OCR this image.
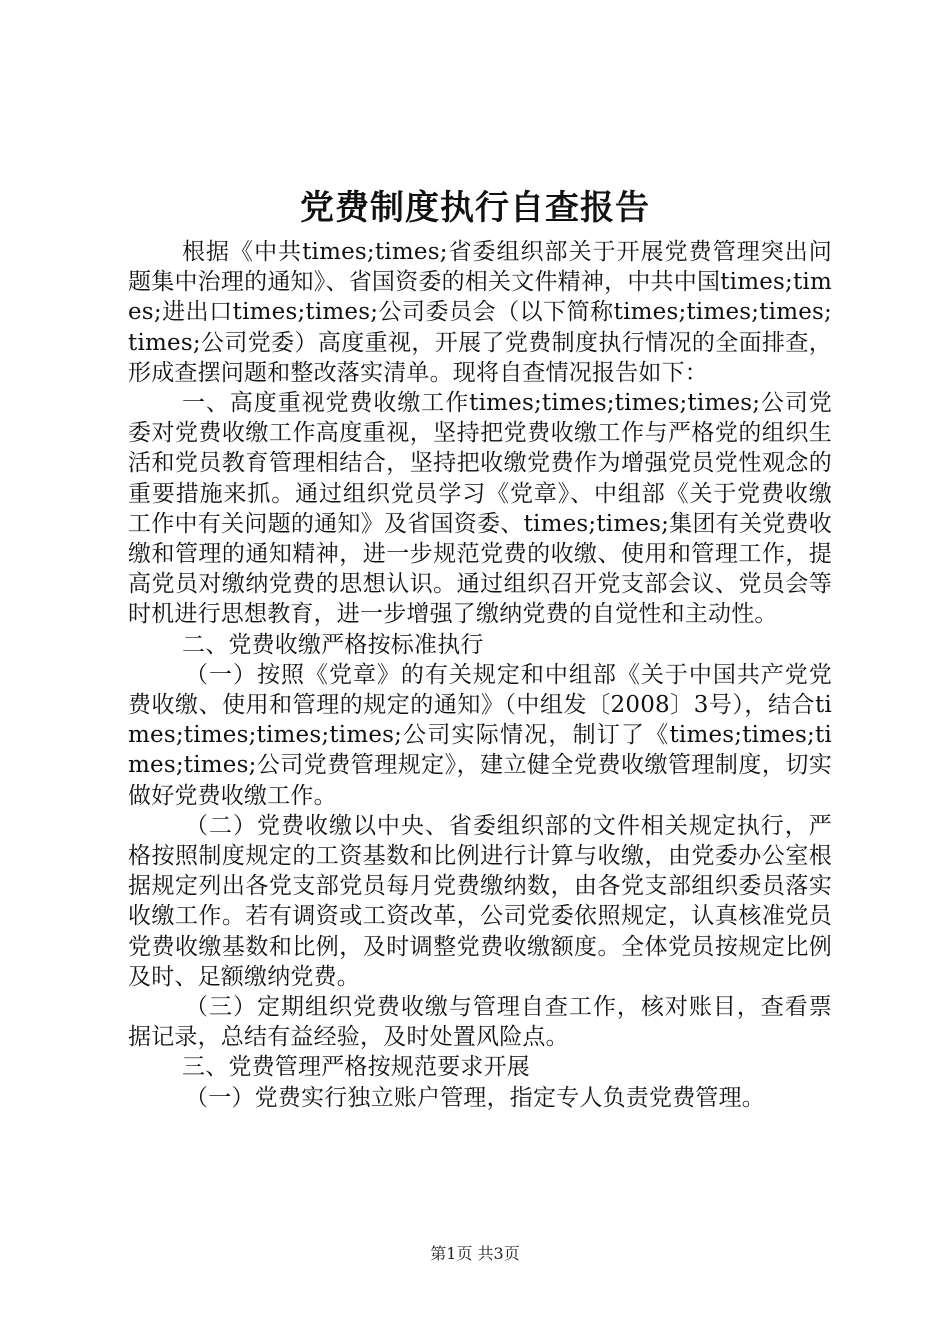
党费制度执行自查报告

根据《中共times;times;省委组织部关于开展党费管理突出问题集中治理的通知》、省国资委的相关文件精神，中共中国times;times;进出口times;times;公司委员会（以下简称times;times;times;times;公司党委）高度重视，开展了党费制度执行情况的全面排查，形成查摆问题和整改落实清单。现将自查情况报告如下：

一、高度重视党费收缴工作times;times;times;times;公司党委对党费收缴工作高度重视，坚持把党费收缴工作与严格党的组织生活和党员教育管理相结合，坚持把收缴党费作为增强党员党性观念的重要措施来抓。通过组织党员学习《党章》、中组部《关于党费收缴工作中有关问题的通知》及省国资委、times;times;集团有关党费收缴和管理的通知精神，进一步规范党费的收缴、使用和管理工作，提高党员对缴纳党费的思想认识。通过组织召开党支部会议、党员会等时机进行思想教育，进一步增强了缴纳党费的自觉性和主动性。

二、党费收缴严格按标准执行

（一）按照《党章》的有关规定和中组部《关于中国共产党党费收缴、使用和管理的规定的通知》（中组发〔2008〕3号），结合times;times;times;times;公司实际情况，制订了《times;times;times;times;公司党费管理规定》，建立健全党费收缴管理制度，切实做好党费收缴工作。

（二）党费收缴以中央、省委组织部的文件相关规定执行，严格按照制度规定的工资基数和比例进行计算与收缴，由党委办公室根据规定列出各党支部党员每月党费缴纳数，由各党支部组织委员落实收缴工作。若有调资或工资改革，公司党委依照规定，认真核准党员党费收缴基数和比例，及时调整党费收缴额度。全体党员按规定比例及时、足额缴纳党费。

（三）定期组织党费收缴与管理自查工作，核对账目，查看票据记录，总结有益经验，及时处置风险点。

三、党费管理严格按规范要求开展

（一）党费实行独立账户管理，指定专人负责党费管理。

第1页 共3页
